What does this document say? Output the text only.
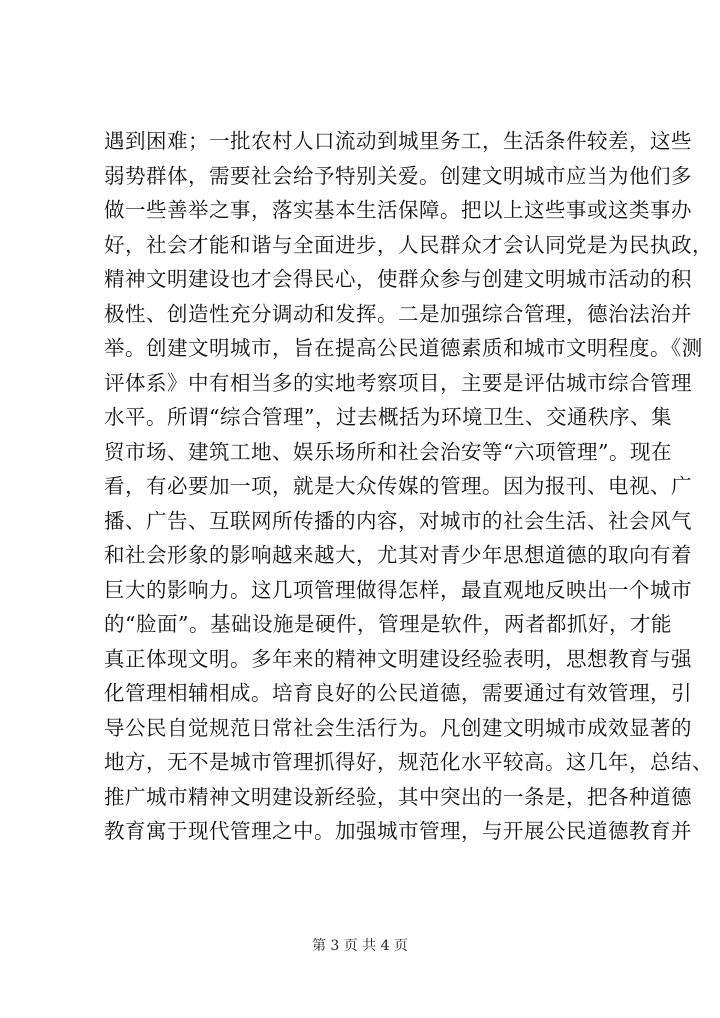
遇到困难；一批农村人口流动到城里务工，生活条件较差，这些
弱势群体，需要社会给予特别关爱。创建文明城市应当为他们多
做一些善举之事，落实基本生活保障。把以上这些事或这类事办
好，社会才能和谐与全面进步，人民群众才会认同党是为民执政，
精神文明建设也才会得民心，使群众参与创建文明城市活动的积
极性、创造性充分调动和发挥。二是加强综合管理，德治法治并
举。创建文明城市，旨在提高公民道德素质和城市文明程度。《测
评体系》中有相当多的实地考察项目，主要是评估城市综合管理
水平。所谓“综合管理”，过去概括为环境卫生、交通秩序、集
贸市场、建筑工地、娱乐场所和社会治安等“六项管理”。现在
看，有必要加一项，就是大众传媒的管理。因为报刊、电视、广
播、广告、互联网所传播的内容，对城市的社会生活、社会风气
和社会形象的影响越来越大，尤其对青少年思想道德的取向有着
巨大的影响力。这几项管理做得怎样，最直观地反映出一个城市
的“脸面”。基础设施是硬件，管理是软件，两者都抓好，才能
真正体现文明。多年来的精神文明建设经验表明，思想教育与强
化管理相辅相成。培育良好的公民道德，需要通过有效管理，引
导公民自觉规范日常社会生活行为。凡创建文明城市成效显著的
地方，无不是城市管理抓得好，规范化水平较高。这几年，总结、
推广城市精神文明建设新经验，其中突出的一条是，把各种道德
教育寓于现代管理之中。加强城市管理，与开展公民道德教育并
第 3 页 共 4 页
